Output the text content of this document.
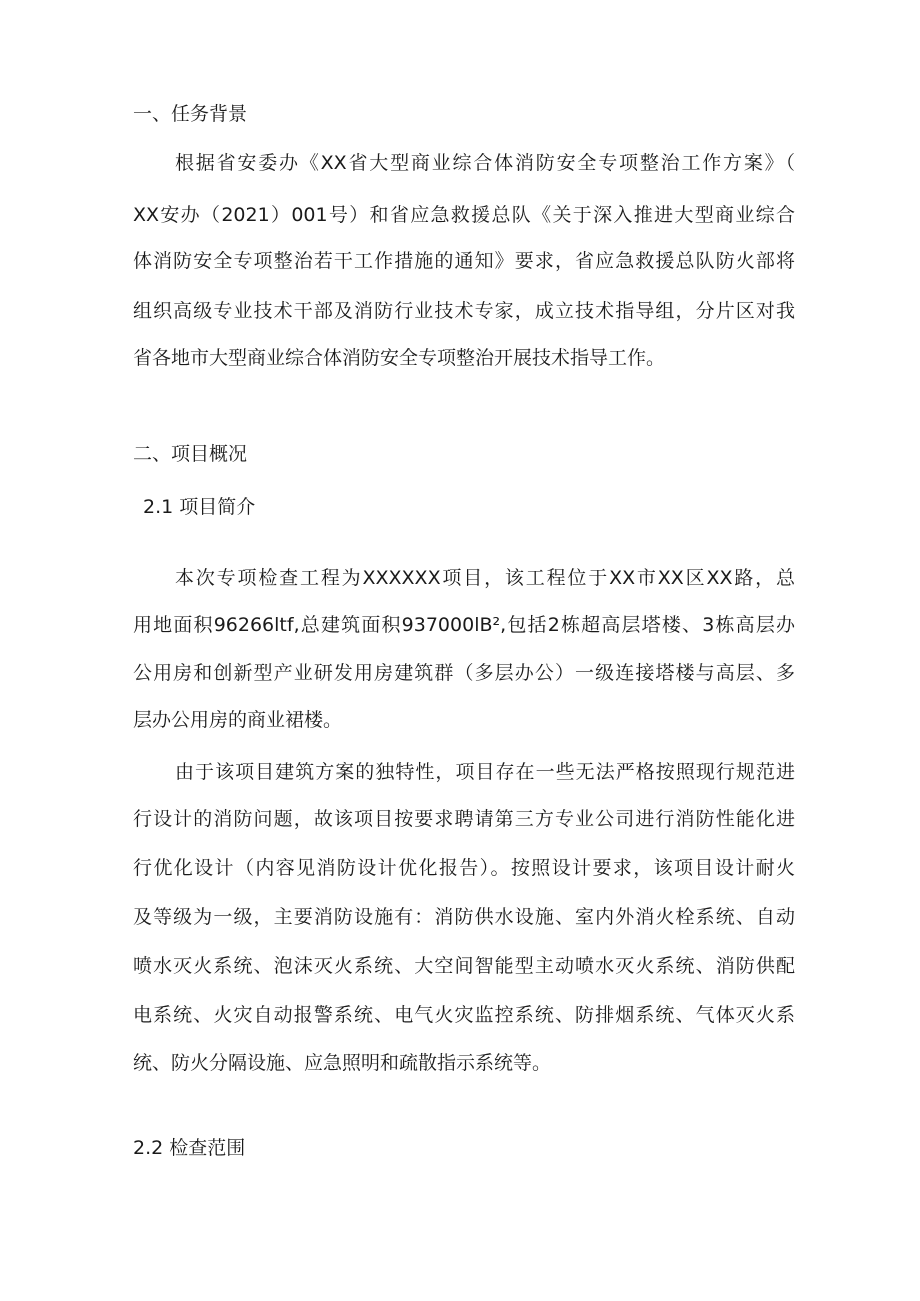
一、任务背景
根据省安委办《XX省大型商业综合体消防安全专项整治工作方案》（
XX安办（2021）001号）和省应急救援总队《关于深入推进大型商业综合
体消防安全专项整治若干工作措施的通知》要求，省应急救援总队防火部将
组织高级专业技术干部及消防行业技术专家，成立技术指导组，分片区对我
省各地市大型商业综合体消防安全专项整治开展技术指导工作。
二、项目概况
2.1 项目简介
本次专项检查工程为XXXXXX项目，该工程位于XX市XX区XX路，总
用地面积96266ltf,总建筑面积937000lB²,包括2栋超高层塔楼、3栋高层办
公用房和创新型产业研发用房建筑群（多层办公）一级连接塔楼与高层、多
层办公用房的商业裙楼。
由于该项目建筑方案的独特性，项目存在一些无法严格按照现行规范进
行设计的消防问题，故该项目按要求聘请第三方专业公司进行消防性能化进
行优化设计（内容见消防设计优化报告）。按照设计要求，该项目设计耐火
及等级为一级，主要消防设施有：消防供水设施、室内外消火栓系统、自动
喷水灭火系统、泡沫灭火系统、大空间智能型主动喷水灭火系统、消防供配
电系统、火灾自动报警系统、电气火灾监控系统、防排烟系统、气体灭火系
统、防火分隔设施、应急照明和疏散指示系统等。
2.2 检查范围
